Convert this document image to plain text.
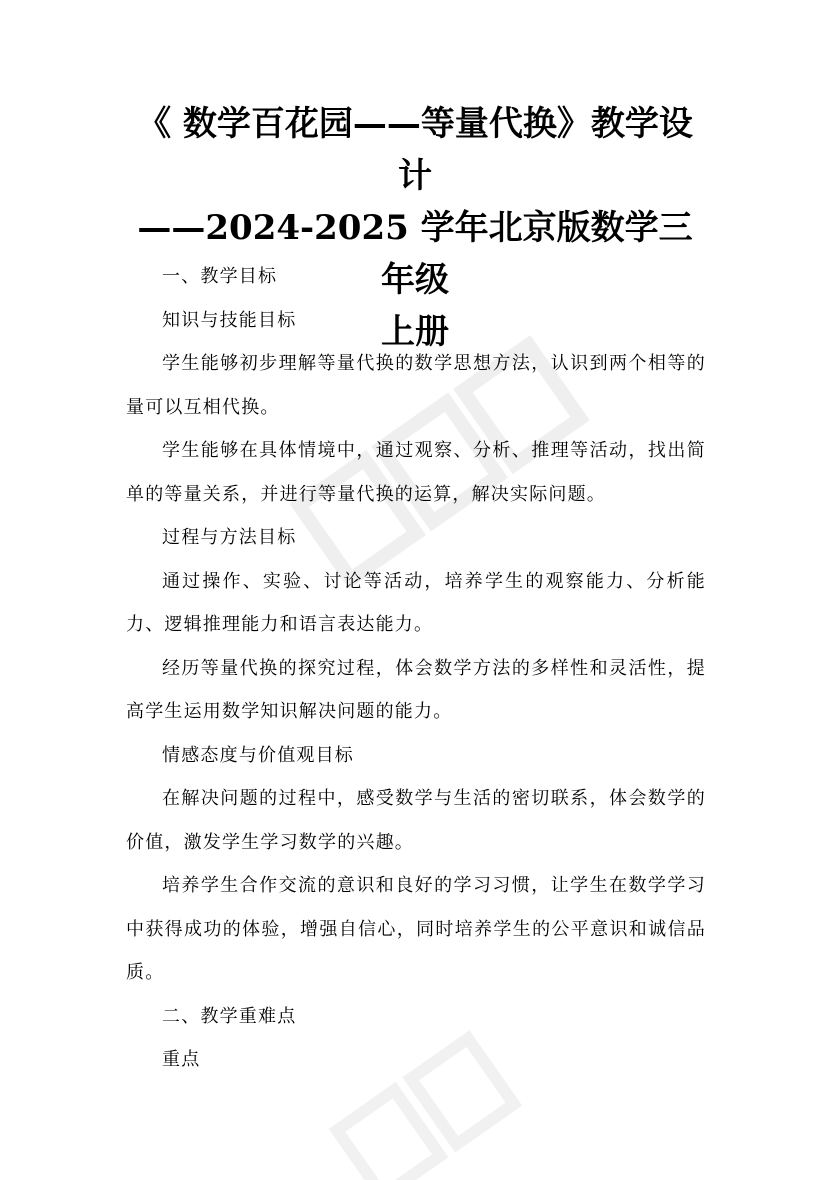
《 数学百花园——等量代换》教学设计
——2024-2025 学年北京版数学三年级
上册

一、教学目标

知识与技能目标

学生能够初步理解等量代换的数学思想方法，认识到两个相等的量可以互相代换。

学生能够在具体情境中，通过观察、分析、推理等活动，找出简单的等量关系，并进行等量代换的运算，解决实际问题。

过程与方法目标

通过操作、实验、讨论等活动，培养学生的观察能力、分析能力、逻辑推理能力和语言表达能力。

经历等量代换的探究过程，体会数学方法的多样性和灵活性，提高学生运用数学知识解决问题的能力。

情感态度与价值观目标

在解决问题的过程中，感受数学与生活的密切联系，体会数学的价值，激发学生学习数学的兴趣。

培养学生合作交流的意识和良好的学习习惯，让学生在数学学习中获得成功的体验，增强自信心，同时培养学生的公平意识和诚信品质。

二、教学重难点

重点
